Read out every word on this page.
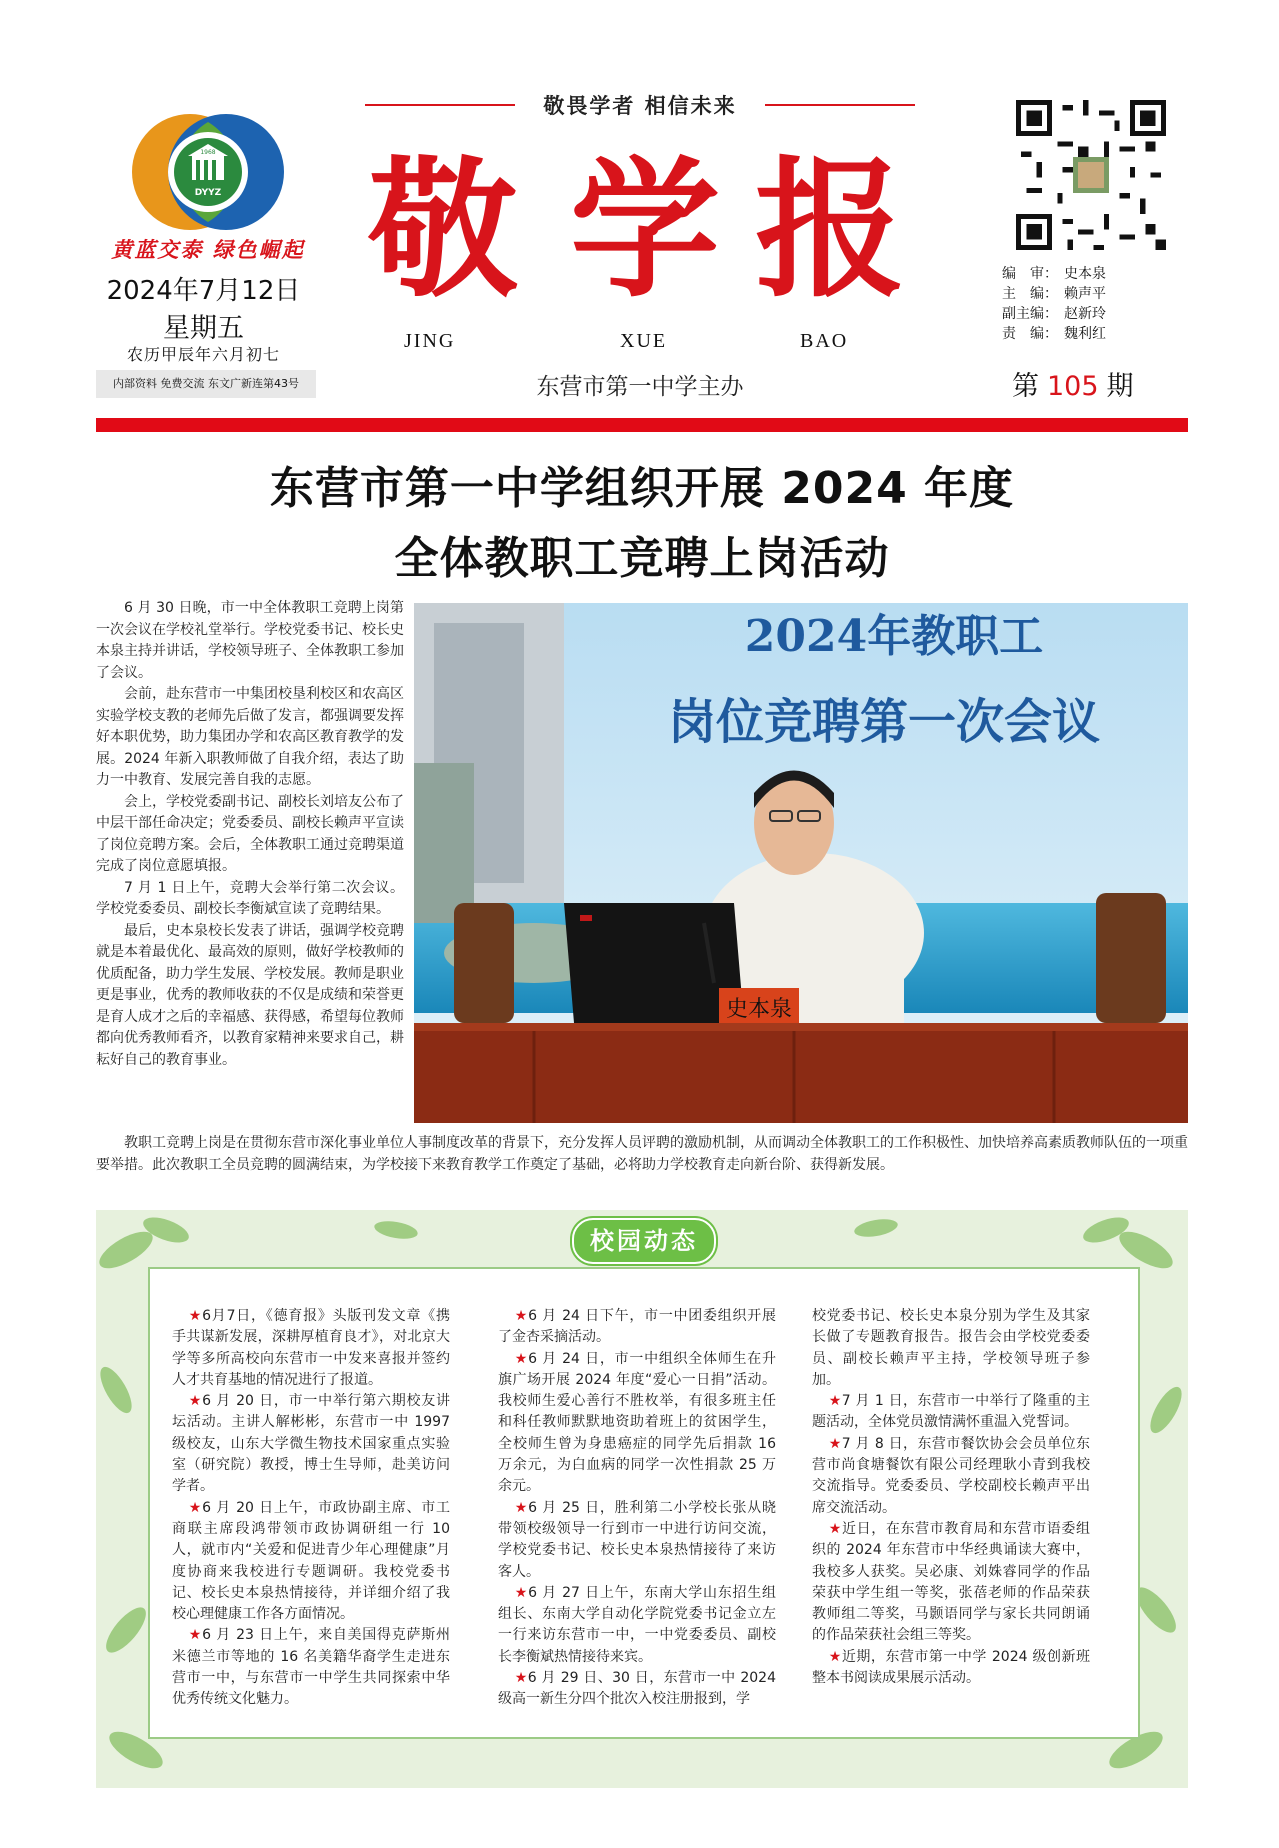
1968
DYYZ
黄蓝交泰 绿色崛起
2024年7月12日
星期五
农历甲辰年六月初七
内部资料 免费交流 东文广新连第43号
敬畏学者 相信未来
敬 学 报
JING	XUE	BAO
东营市第一中学主办
编　审： 史本泉
主　编： 赖声平
副主编： 赵新玲
责　编： 魏利红
第 105 期
东营市第一中学组织开展 2024 年度
全体教职工竞聘上岗活动

6 月 30 日晚，市一中全体教职工竞聘上岗第一次会议在学校礼堂举行。学校党委书记、校长史本泉主持并讲话，学校领导班子、全体教职工参加了会议。

会前，赴东营市一中集团校垦利校区和农高区实验学校支教的老师先后做了发言，都强调要发挥好本职优势，助力集团办学和农高区教育教学的发展。2024 年新入职教师做了自我介绍，表达了助力一中教育、发展完善自我的志愿。

会上，学校党委副书记、副校长刘培友公布了中层干部任命决定；党委委员、副校长赖声平宣读了岗位竞聘方案。会后，全体教职工通过竞聘渠道完成了岗位意愿填报。

7 月 1 日上午，竞聘大会举行第二次会议。学校党委委员、副校长李衡斌宣读了竞聘结果。

最后，史本泉校长发表了讲话，强调学校竞聘就是本着最优化、最高效的原则，做好学校教师的优质配备，助力学生发展、学校发展。教师是职业更是事业，优秀的教师收获的不仅是成绩和荣誉更是育人成才之后的幸福感、获得感，希望每位教师都向优秀教师看齐，以教育家精神来要求自己，耕耘好自己的教育事业。

2024年教职工
岗位竞聘第一次会议
史本泉

教职工竞聘上岗是在贯彻东营市深化事业单位人事制度改革的背景下，充分发挥人员评聘的激励机制，从而调动全体教职工的工作积极性、加快培养高素质教师队伍的一项重要举措。此次教职工全员竞聘的圆满结束，为学校接下来教育教学工作奠定了基础，必将助力学校教育走向新台阶、获得新发展。

校园动态

★6月7日，《德育报》头版刊发文章《携手共谋新发展，深耕厚植育良才》，对北京大学等多所高校向东营市一中发来喜报并签约人才共育基地的情况进行了报道。

★6 月 20 日，市一中举行第六期校友讲坛活动。主讲人解彬彬，东营市一中 1997 级校友，山东大学微生物技术国家重点实验室（研究院）教授，博士生导师，赴美访问学者。

★6 月 20 日上午，市政协副主席、市工商联主席段鸿带领市政协调研组一行 10 人，就市内“关爱和促进青少年心理健康”月度协商来我校进行专题调研。我校党委书记、校长史本泉热情接待，并详细介绍了我校心理健康工作各方面情况。

★6 月 23 日上午，来自美国得克萨斯州米德兰市等地的 16 名美籍华裔学生走进东营市一中，与东营市一中学生共同探索中华优秀传统文化魅力。

★6 月 24 日下午，市一中团委组织开展了金杏采摘活动。

★6 月 24 日，市一中组织全体师生在升旗广场开展 2024 年度“爱心一日捐”活动。我校师生爱心善行不胜枚举，有很多班主任和科任教师默默地资助着班上的贫困学生，全校师生曾为身患癌症的同学先后捐款 16 万余元，为白血病的同学一次性捐款 25 万余元。

★6 月 25 日，胜利第二小学校长张从晓带领校级领导一行到市一中进行访问交流，学校党委书记、校长史本泉热情接待了来访客人。

★6 月 27 日上午，东南大学山东招生组组长、东南大学自动化学院党委书记金立左一行来访东营市一中，一中党委委员、副校长李衡斌热情接待来宾。

★6 月 29 日、30 日，东营市一中 2024 级高一新生分四个批次入校注册报到，学

校党委书记、校长史本泉分别为学生及其家长做了专题教育报告。报告会由学校党委委员、副校长赖声平主持，学校领导班子参加。

★7 月 1 日，东营市一中举行了隆重的主题活动，全体党员激情满怀重温入党誓词。

★7 月 8 日，东营市餐饮协会会员单位东营市尚食塘餐饮有限公司经理耿小青到我校交流指导。党委委员、学校副校长赖声平出席交流活动。

★近日，在东营市教育局和东营市语委组织的 2024 年东营市中华经典诵读大赛中，我校多人获奖。吴必康、刘姝睿同学的作品荣获中学生组一等奖，张蓓老师的作品荣获教师组二等奖，马颢语同学与家长共同朗诵的作品荣获社会组三等奖。

★近期，东营市第一中学 2024 级创新班整本书阅读成果展示活动。
